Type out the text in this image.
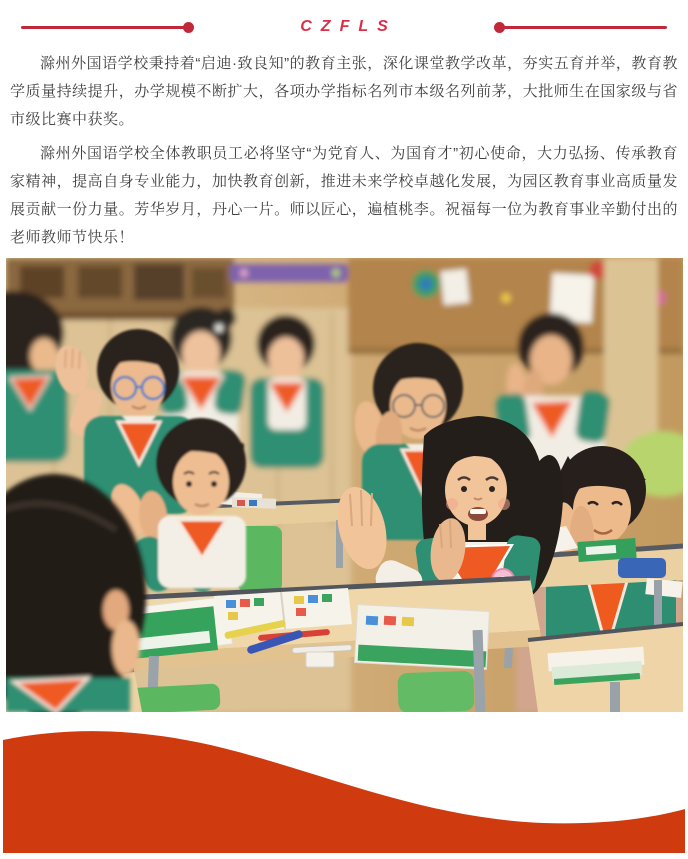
CZFLS

滁州外国语学校秉持着“启迪·致良知”的教育主张，深化课堂教学改革，夯实五育并举，教育教学质量持续提升，办学规模不断扩大，各项办学指标名列市本级名列前茅，大批师生在国家级与省市级比赛中获奖。

滁州外国语学校全体教职员工必将坚守“为党育人、为国育才”初心使命，大力弘扬、传承教育家精神，提高自身专业能力，加快教育创新，推进未来学校卓越化发展，为园区教育事业高质量发展贡献一份力量。芳华岁月，丹心一片。师以匠心，遍植桃李。祝福每一位为教育事业辛勤付出的老师教师节快乐！
